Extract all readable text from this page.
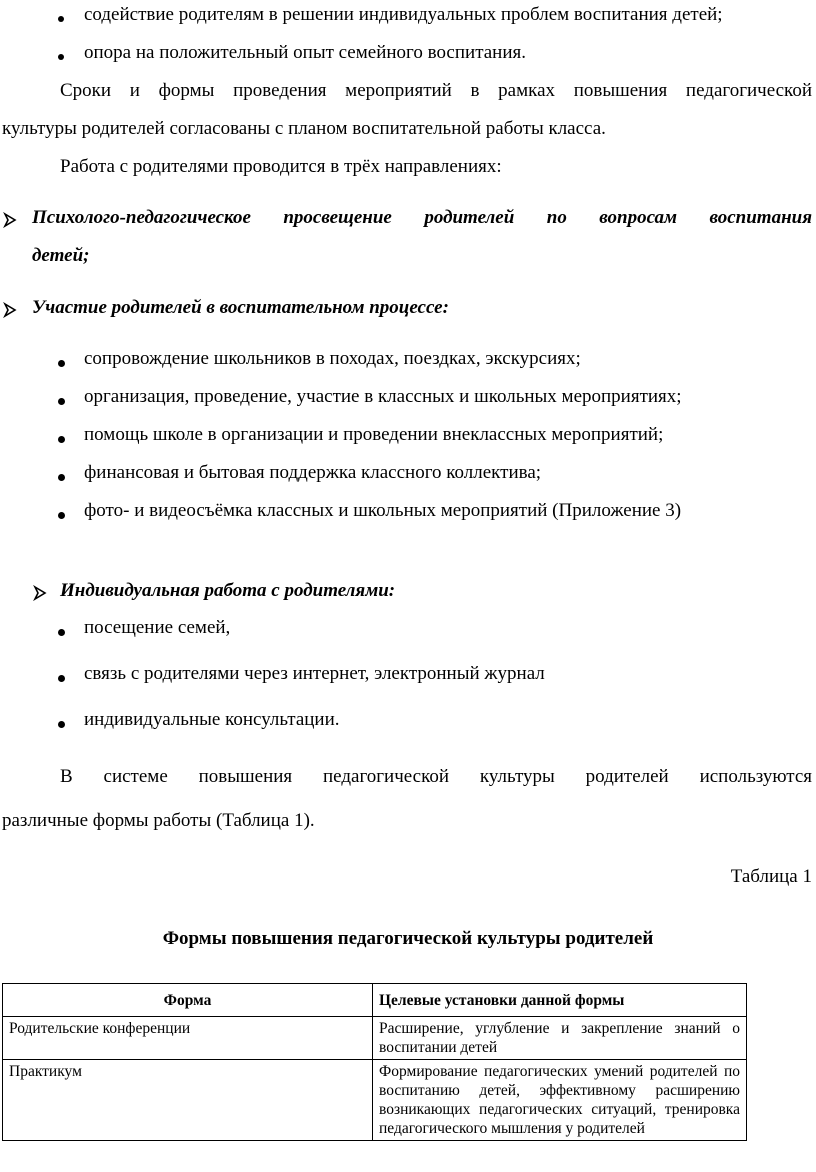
содействие родителям в решении индивидуальных проблем воспитания детей;
опора на положительный опыт семейного воспитания.
Сроки и формы проведения мероприятий в рамках повышения педагогической
культуры родителей согласованы с планом воспитательной работы класса.
Работа с родителями проводится в трёх направлениях:
Психолого-педагогическое просвещение родителей по вопросам воспитания
детей;
Участие родителей в воспитательном процессе:
сопровождение школьников в походах, поездках, экскурсиях;
организация, проведение, участие в классных и школьных мероприятиях;
помощь школе в организации и проведении внеклассных мероприятий;
финансовая и бытовая поддержка классного коллектива;
фото- и видеосъёмка классных и школьных мероприятий (Приложение 3)
Индивидуальная работа с родителями:
посещение семей,
связь с родителями через интернет, электронный журнал
индивидуальные консультации.
В системе повышения педагогической культуры родителей используются
различные формы работы (Таблица 1).
Таблица 1
Формы повышения педагогической культуры родителей
Форма	Целевые установки данной формы
Родительские конференции	Расширение, углубление и закрепление знаний о воспитании детей
Практикум	Формирование педагогических умений родителей по воспитанию детей, эффективному расширению возникающих педагогических ситуаций, тренировка педагогического мышления у родителей
